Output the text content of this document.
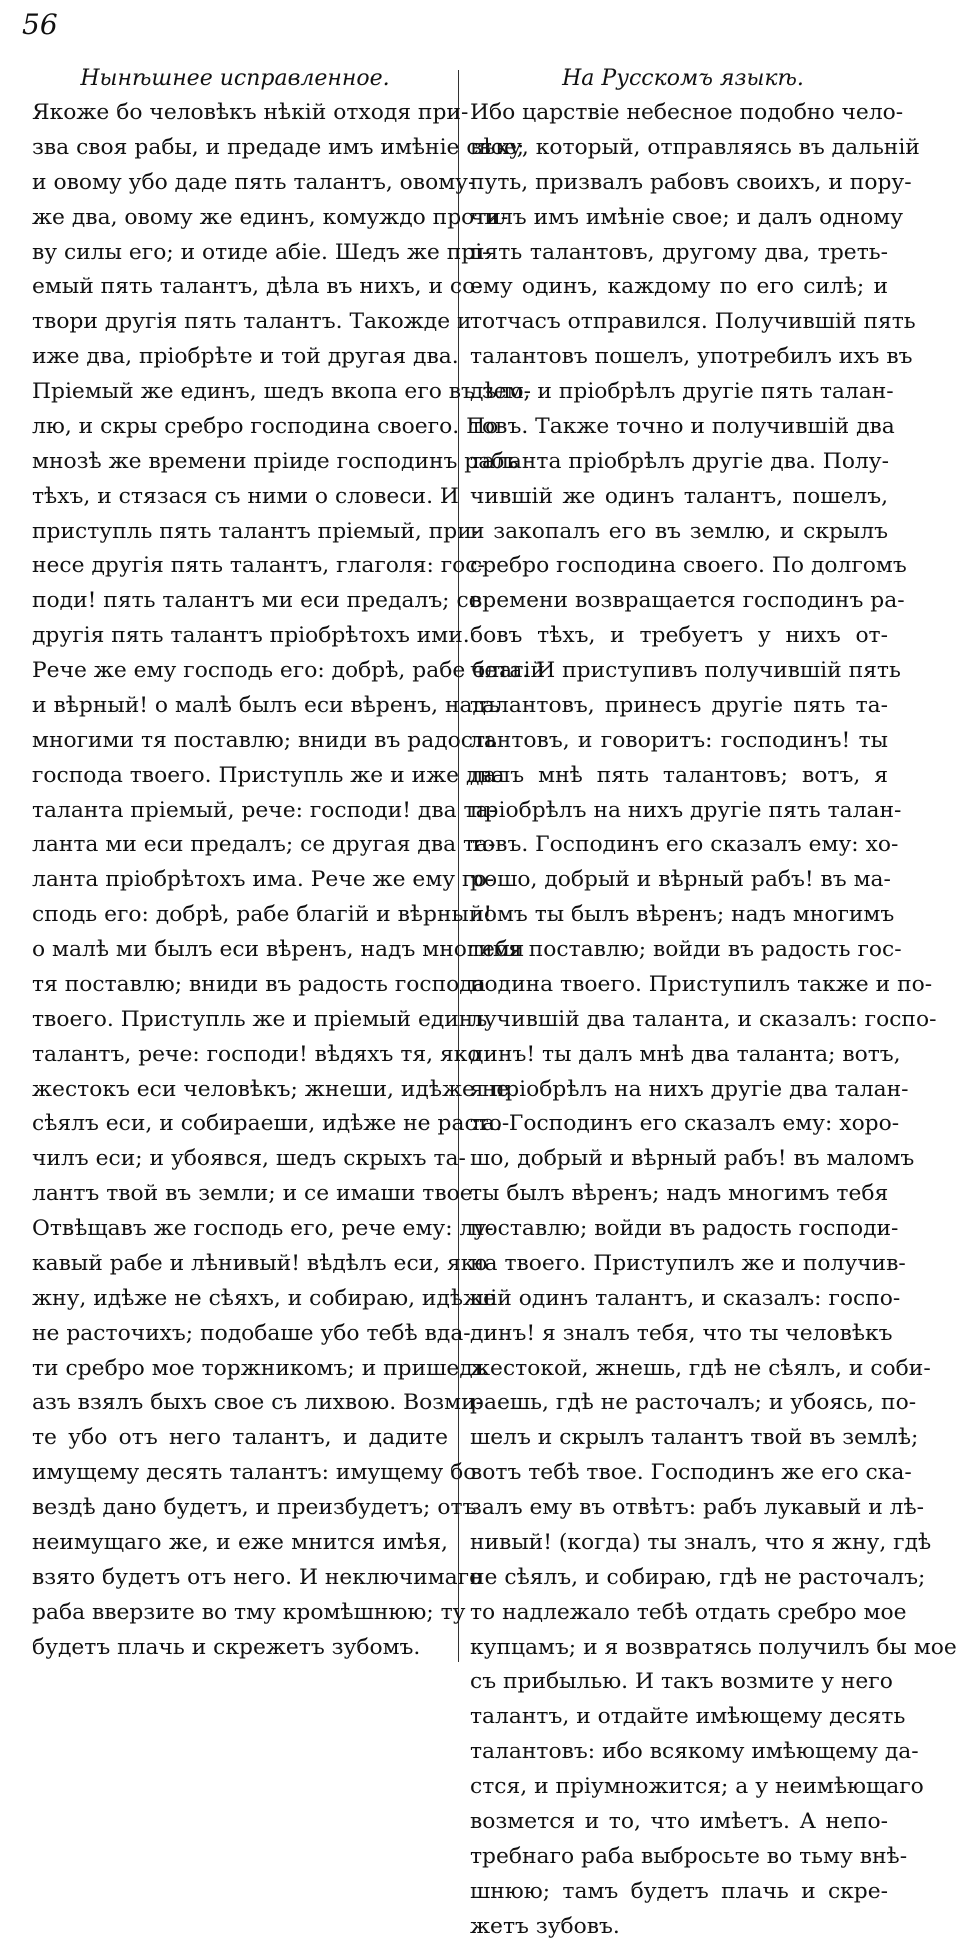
56
Нынѣшнее исправленное.	На Русскомъ языкѣ.
Якоже бо человѣкъ нѣкій отходя при-
зва своя рабы, и предаде имъ имѣніе свое;
и овому убо даде пять талантъ, овому-
же два, овому же единъ, комуждо проти-
ву силы его; и отиде абіе. Шедъ же прі-
емый пять талантъ, дѣла въ нихъ, и со-
твори другія пять талантъ. Такожде и
иже два, пріобрѣте и той другая два.
Пріемый же единъ, шедъ вкопа его въ зем-
лю, и скры сребро господина своего. По
мнозѣ же времени пріиде господинъ рабъ
тѣхъ, и стязася съ ними о словеси. И
приступль пять талантъ пріемый, при-
несе другія пять талантъ, глаголя: гос-
поди! пять талантъ ми еси предалъ; се
другія пять талантъ пріобрѣтохъ ими.
Рече же ему господь его: добрѣ, рабе благій
и вѣрный! о малѣ былъ еси вѣренъ, надъ
многими тя поставлю; вниди въ радость
господа твоего. Приступль же и иже два
таланта пріемый, рече: господи! два та-
ланта ми еси предалъ; се другая два та-
ланта пріобрѣтохъ има. Рече же ему го-
сподь его: добрѣ, рабе благій и вѣрный!
о малѣ ми былъ еси вѣренъ, надъ многими
тя поставлю; вниди въ радость господа
твоего. Приступль же и пріемый единъ
талантъ, рече: господи! вѣдяхъ тя, яко
жестокъ еси человѣкъ; жнеши, идѣже не
сѣялъ еси, и собираеши, идѣже не расто-
чилъ еси; и убоявся, шедъ скрыхъ та-
лантъ твой въ земли; и се имаши твое.
Отвѣщавъ же господь его, рече ему: лу-
кавый рабе и лѣнивый! вѣдѣлъ еси, яко
жну, идѣже не сѣяхъ, и собираю, идѣже
не расточихъ; подобаше убо тебѣ вда-
ти сребро мое торжникомъ; и пришедъ
азъ взялъ быхъ свое съ лихвою. Возми-
те убо отъ него талантъ, и дадите
имущему десять талантъ: имущему бо
вездѣ дано будетъ, и преизбудетъ; отъ
неимущаго же, и еже мнится имѣя,
взято будетъ отъ него. И неключимаго
раба вверзите во тму кромѣшнюю; ту
будетъ плачь и скрежетъ зубомъ.
Ибо царствіе небесное подобно чело-
вѣку, который, отправляясь въ дальній
путь, призвалъ рабовъ своихъ, и пору-
чилъ имъ имѣніе свое; и далъ одному
пять талантовъ, другому два, треть-
ему одинъ, каждому по его силѣ; и
тотчасъ отправился. Получившій пять
талантовъ пошелъ, употребилъ ихъ въ
дѣло, и пріобрѣлъ другіе пять талан-
товъ. Также точно и получившій два
таланта пріобрѣлъ другіе два. Полу-
чившій же одинъ талантъ, пошелъ,
и закопалъ его въ землю, и скрылъ
сребро господина своего. По долгомъ
времени возвращается господинъ ра-
бовъ тѣхъ, и требуетъ у нихъ от-
чета. И приступивъ получившій пять
талантовъ, принесъ другіе пять та-
лантовъ, и говоритъ: господинъ! ты
далъ мнѣ пять талантовъ; вотъ, я
пріобрѣлъ на нихъ другіе пять талан-
товъ. Господинъ его сказалъ ему: хо-
рошо, добрый и вѣрный рабъ! въ ма-
ломъ ты былъ вѣренъ; надъ многимъ
тебя поставлю; войди въ радость гос-
подина твоего. Приступилъ также и по-
лучившій два таланта, и сказалъ: госпо-
динъ! ты далъ мнѣ два таланта; вотъ,
я пріобрѣлъ на нихъ другіе два талан-
та. Господинъ его сказалъ ему: хоро-
шо, добрый и вѣрный рабъ! въ маломъ
ты былъ вѣренъ; надъ многимъ тебя
поставлю; войди въ радость господи-
на твоего. Приступилъ же и получив-
шій одинъ талантъ, и сказалъ: госпо-
динъ! я зналъ тебя, что ты человѣкъ
жестокой, жнешь, гдѣ не сѣялъ, и соби-
раешь, гдѣ не расточалъ; и убоясь, по-
шелъ и скрылъ талантъ твой въ землѣ;
вотъ тебѣ твое. Господинъ же его ска-
залъ ему въ отвѣтъ: рабъ лукавый и лѣ-
нивый! (когда) ты зналъ, что я жну, гдѣ
не сѣялъ, и собираю, гдѣ не расточалъ;
то надлежало тебѣ отдать сребро мое
купцамъ; и я возвратясь получилъ бы мое
съ прибылью. И такъ возмите у него
талантъ, и отдайте имѣющему десять
талантовъ: ибо всякому имѣющему да-
стся, и пріумножится; а у неимѣющаго
возмется и то, что имѣетъ. А непо-
требнаго раба выбросьте во тьму внѣ-
шнюю; тамъ будетъ плачь и скре-
жетъ зубовъ.
